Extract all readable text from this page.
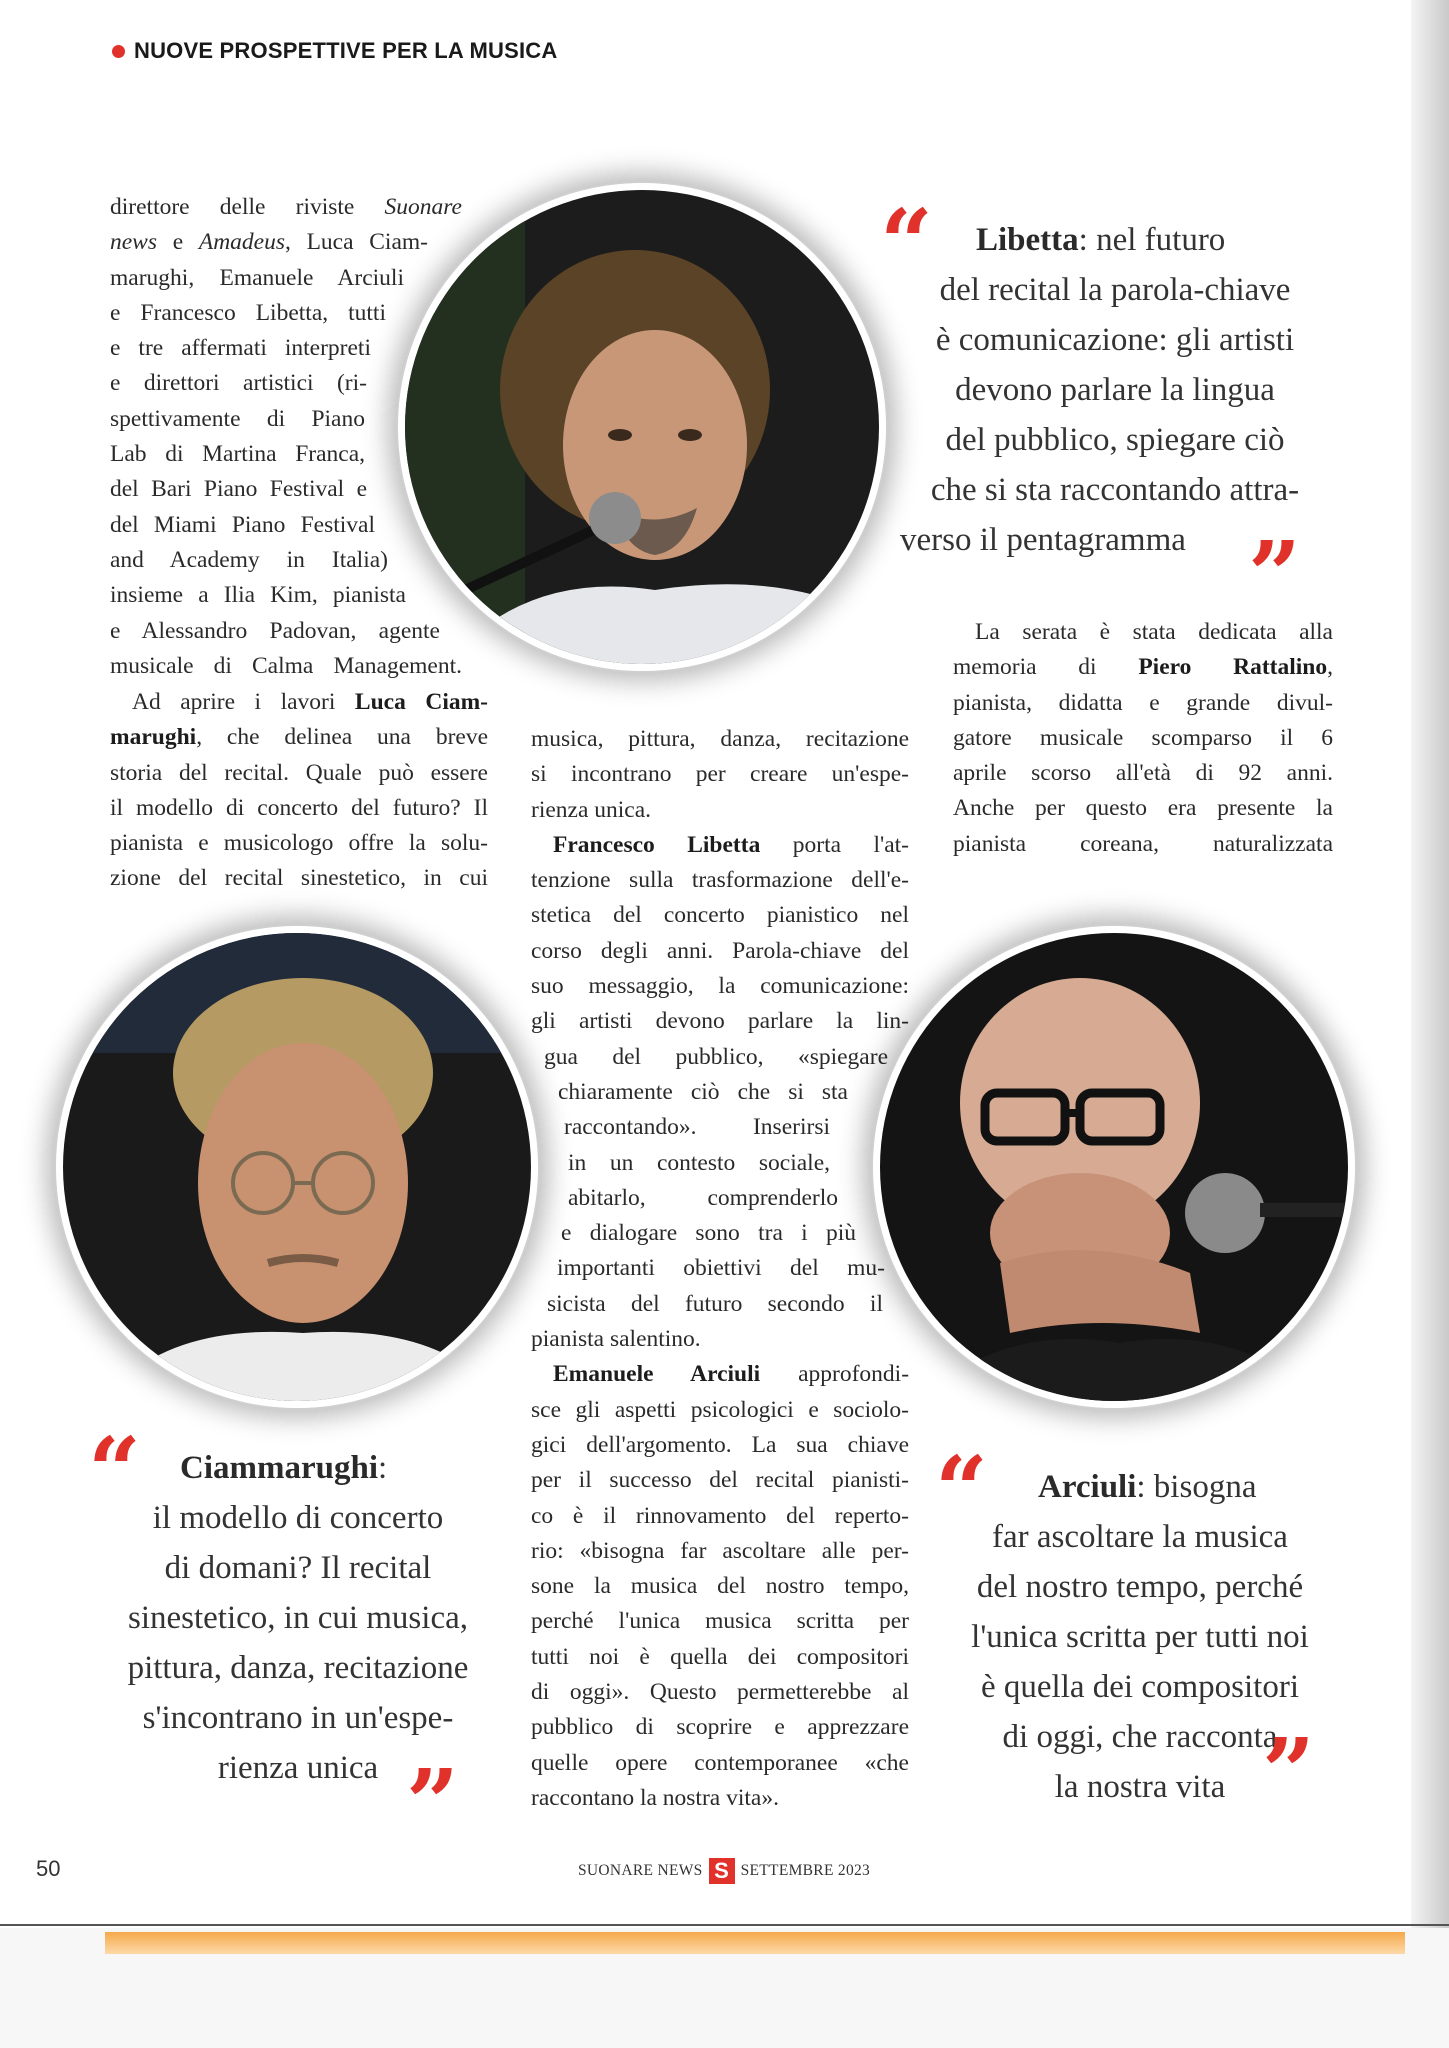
NUOVE PROSPETTIVE PER LA MUSICA
direttore delle riviste Suonare
news e Amadeus, Luca Ciam-
marughi, Emanuele Arciuli
e Francesco Libetta, tutti
e tre affermati interpreti
e direttori artistici (ri-
spettivamente di Piano
Lab di Martina Franca,
del Bari Piano Festival e
del Miami Piano Festival
and Academy in Italia)
insieme a Ilia Kim, pianista
e Alessandro Padovan, agente
musicale di Calma Management.
Ad aprire i lavori Luca Ciam-
marughi, che delinea una breve
storia del recital. Quale può essere
il modello di concerto del futuro? Il
pianista e musicologo offre la solu-
zione del recital sinestetico, in cui
musica, pittura, danza, recitazione
si incontrano per creare un'espe-
rienza unica.
Francesco Libetta porta l'at-
tenzione sulla trasformazione dell'e-
stetica del concerto pianistico nel
corso degli anni. Parola-chiave del
suo messaggio, la comunicazione:
gli artisti devono parlare la lin-
gua del pubblico, «spiegare
chiaramente ciò che si sta
raccontando». Inserirsi
in un contesto sociale,
abitarlo, comprenderlo
e dialogare sono tra i più
importanti obiettivi del mu-
sicista del futuro secondo il
pianista salentino.
Emanuele Arciuli approfondi-
sce gli aspetti psicologici e sociolo-
gici dell'argomento. La sua chiave
per il successo del recital pianisti-
co è il rinnovamento del reperto-
rio: «bisogna far ascoltare alle per-
sone la musica del nostro tempo,
perché l'unica musica scritta per
tutti noi è quella dei compositori
di oggi». Questo permetterebbe al
pubblico di scoprire e apprezzare
quelle opere contemporanee «che
raccontano la nostra vita».
La serata è stata dedicata alla
memoria di Piero Rattalino,
pianista, didatta e grande divul-
gatore musicale scomparso il 6
aprile scorso all'età di 92 anni.
Anche per questo era presente la
pianista coreana, naturalizzata
“	Libetta: nel futuro
del recital la parola-chiave
è comunicazione: gli artisti
devono parlare la lingua
del pubblico, spiegare ciò
che si sta raccontando attra-
verso il pentagramma ”
“	Ciammarughi:
il modello di concerto
di domani? Il recital
sinestetico, in cui musica,
pittura, danza, recitazione
s'incontrano in un'espe-
rienza unica ”
“	Arciuli: bisogna
far ascoltare la musica
del nostro tempo, perché
l'unica scritta per tutti noi
è quella dei compositori
di oggi, che racconta
la nostra vita ”
50	SUONARE NEWS S SETTEMBRE 2023
